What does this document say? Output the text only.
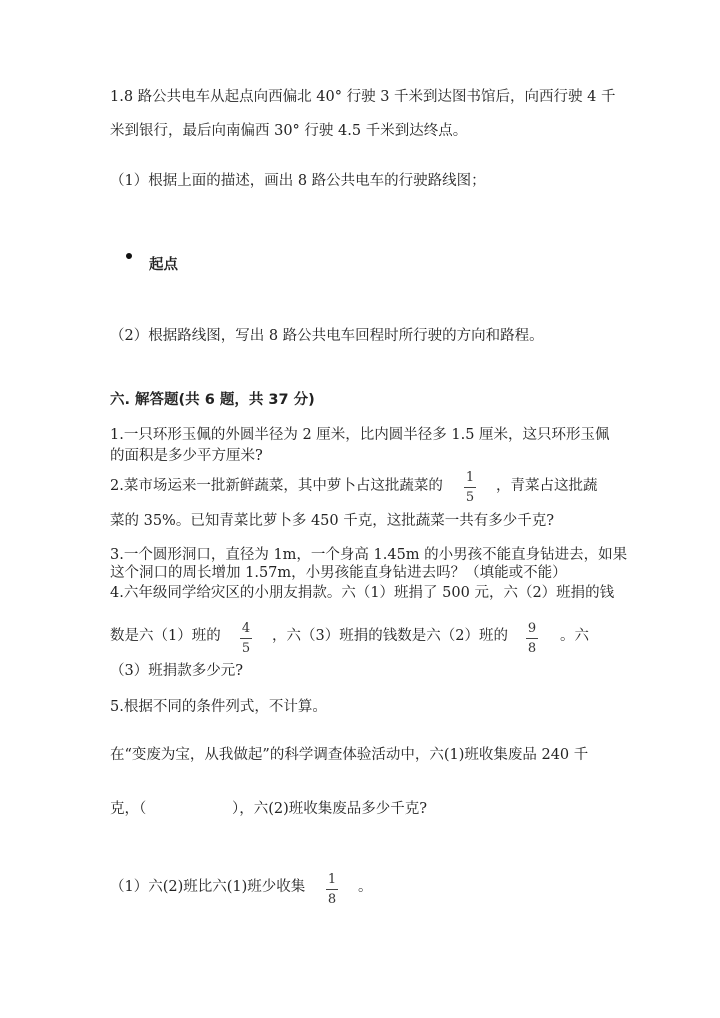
1.8 路公共电车从起点向西偏北 40° 行驶 3 千米到达图书馆后，向西行驶 4 千
米到银行，最后向南偏西 30° 行驶 4.5 千米到达终点。
（1）根据上面的描述，画出 8 路公共电车的行驶路线图；
起点
（2）根据路线图，写出 8 路公共电车回程时所行驶的方向和路程。
六. 解答题(共 6 题，共 37 分)
1.一只环形玉佩的外圆半径为 2 厘米，比内圆半径多 1.5 厘米，这只环形玉佩
的面积是多少平方厘米?
2.菜市场运来一批新鲜蔬菜，其中萝卜占这批蔬菜的
1
5
，青菜占这批蔬
菜的 35%。已知青菜比萝卜多 450 千克，这批蔬菜一共有多少千克?
3.一个圆形洞口，直径为 1m，一个身高 1.45m 的小男孩不能直身钻进去，如果
这个洞口的周长增加 1.57m，小男孩能直身钻进去吗？（填能或不能）
4.六年级同学给灾区的小朋友捐款。六（1）班捐了 500 元，六（2）班捐的钱
数是六（1）班的 4
5
，六（3）班捐的钱数是六（2）班的 9
8
。六
（3）班捐款多少元?
5.根据不同的条件列式，不计算。
在“变废为宝，从我做起”的科学调查体验活动中，六(1)班收集废品 240 千
克，（	），六(2)班收集废品多少千克?
（1）六(2)班比六(1)班少收集 1
8
。
